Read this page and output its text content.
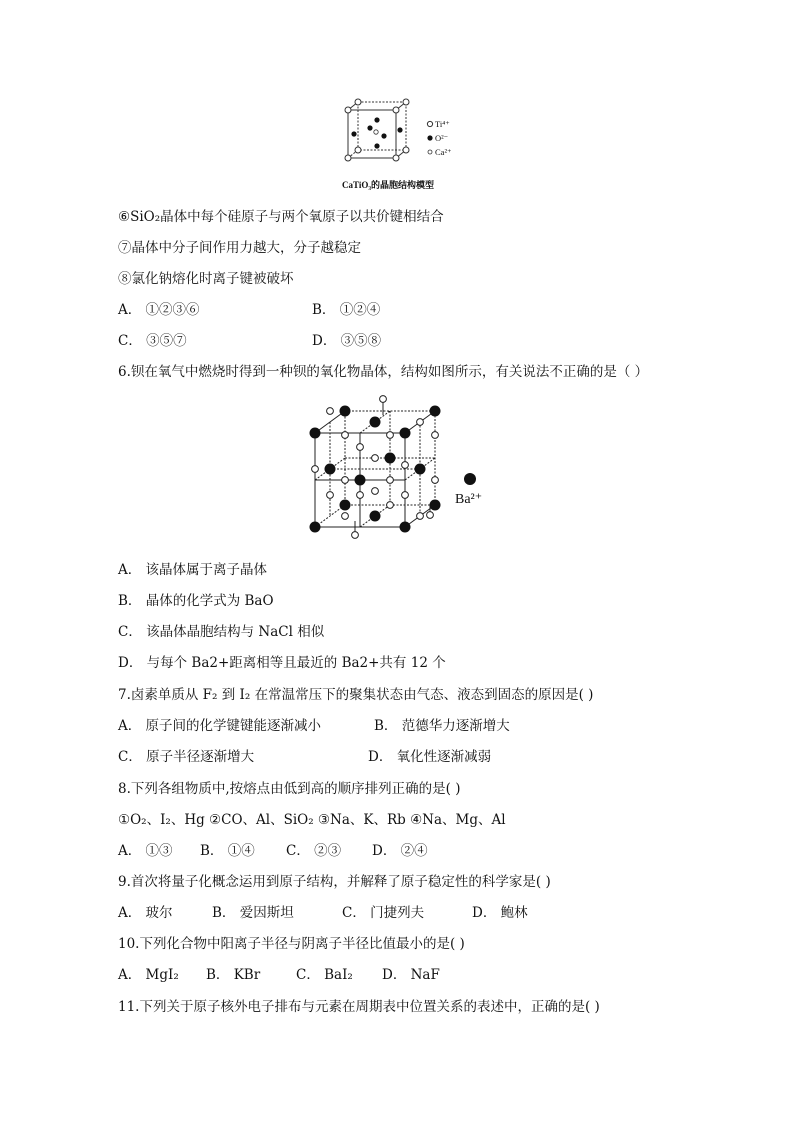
Ti⁴⁺
O²⁻
Ca²⁺
CaTiO₃的晶胞结构模型
⑥SiO₂晶体中每个硅原子与两个氧原子以共价键相结合
⑦晶体中分子间作用力越大，分子越稳定
⑧氯化钠熔化时离子键被破坏
A． ①②③⑥	B． ①②④
C． ③⑤⑦	D． ③⑤⑧
6.钡在氧气中燃烧时得到一种钡的氧化物晶体，结构如图所示，有关说法不正确的是（ ）
Ba²⁺
A． 该晶体属于离子晶体
B． 晶体的化学式为 BaO
C． 该晶体晶胞结构与 NaCl 相似
D． 与每个 Ba2+距离相等且最近的 Ba2+共有 12 个
7.卤素单质从 F₂ 到 I₂ 在常温常压下的聚集状态由气态、液态到固态的原因是( )
A． 原子间的化学键键能逐渐减小	B． 范德华力逐渐增大
C． 原子半径逐渐增大	D． 氧化性逐渐减弱
8.下列各组物质中,按熔点由低到高的顺序排列正确的是( )
①O₂、I₂、Hg ②CO、Al、SiO₂ ③Na、K、Rb ④Na、Mg、Al
A． ①③ B． ①④ C． ②③ D． ②④
9.首次将量子化概念运用到原子结构，并解释了原子稳定性的科学家是( )
A． 玻尔	B． 爱因斯坦	C． 门捷列夫	D． 鲍林
10.下列化合物中阳离子半径与阴离子半径比值最小的是( )
A． MgI₂ B． KBr	C． BaI₂ D． NaF
11.下列关于原子核外电子排布与元素在周期表中位置关系的表述中，正确的是( )
